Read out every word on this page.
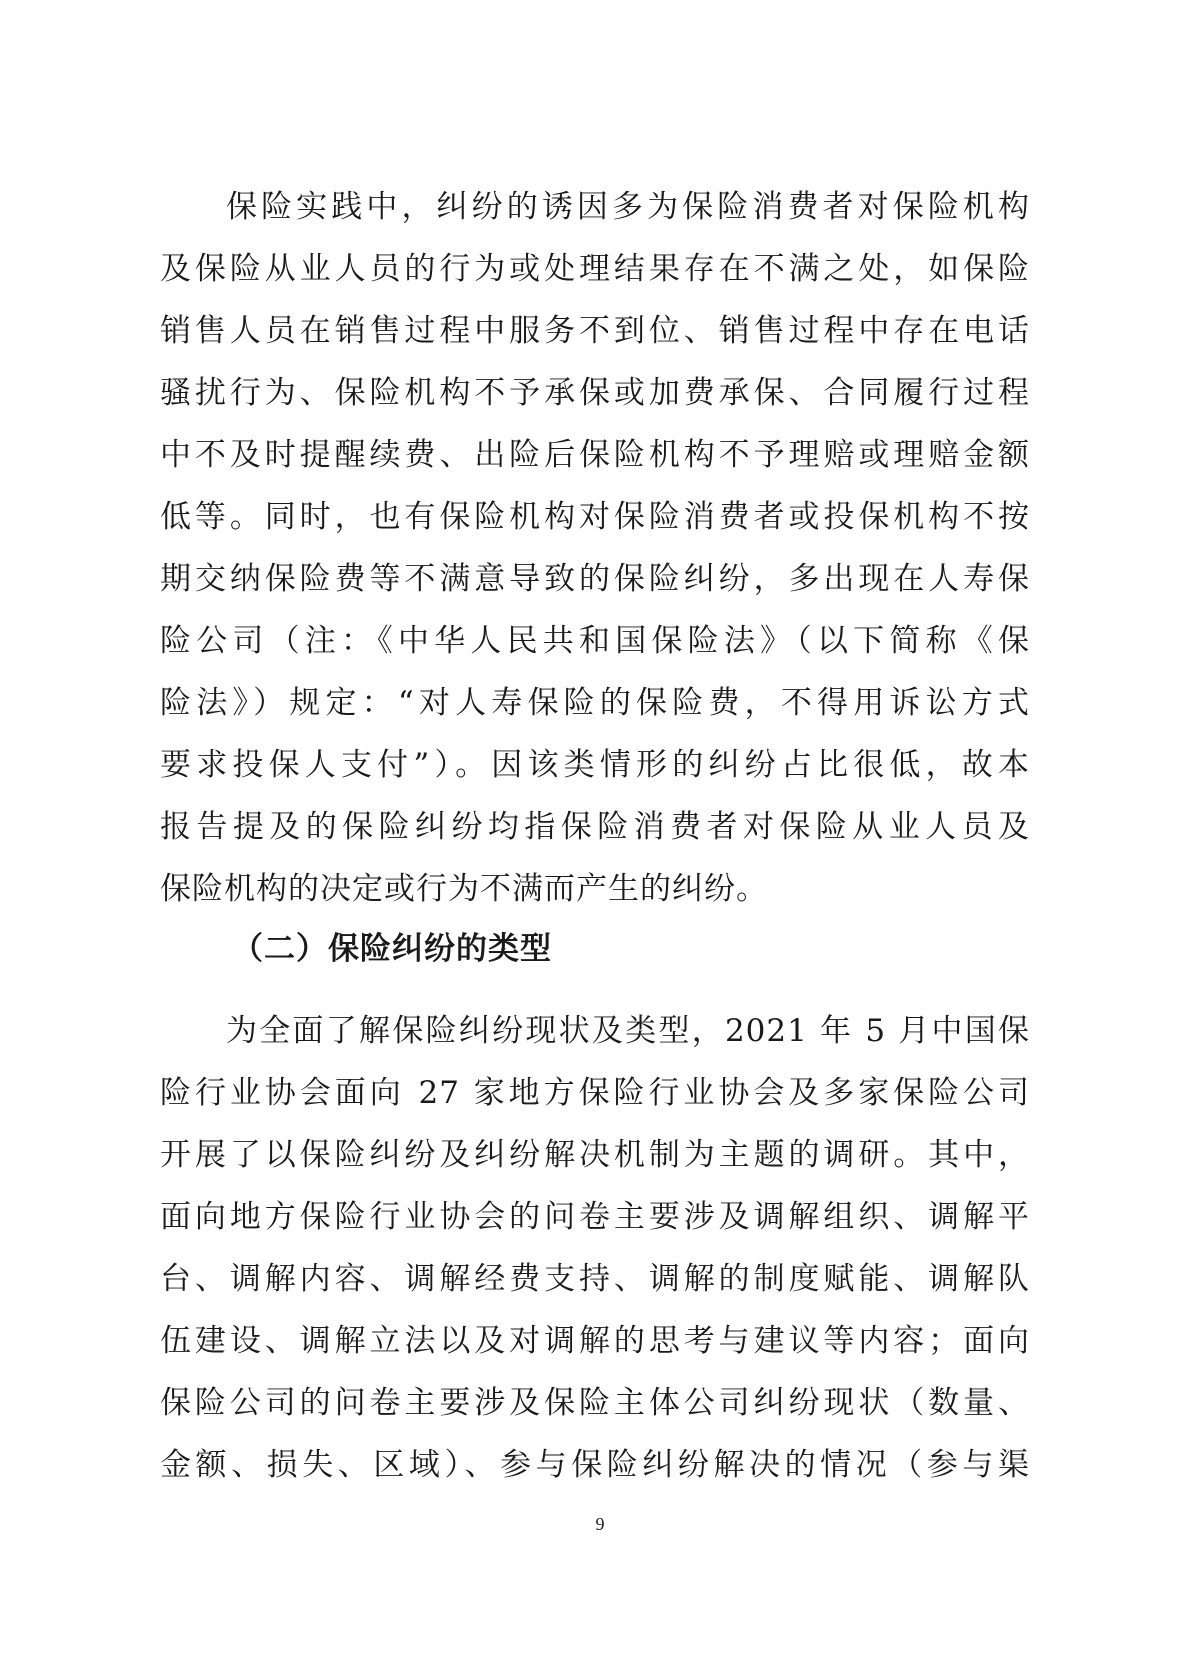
保险实践中，纠纷的诱因多为保险消费者对保险机构
及保险从业人员的行为或处理结果存在不满之处，如保险
销售人员在销售过程中服务不到位、销售过程中存在电话
骚扰行为、保险机构不予承保或加费承保、合同履行过程
中不及时提醒续费、出险后保险机构不予理赔或理赔金额
低等。同时，也有保险机构对保险消费者或投保机构不按
期交纳保险费等不满意导致的保险纠纷，多出现在人寿保
险公司（注：《中华人民共和国保险法》（以下简称《保
险法》）规定：“对人寿保险的保险费，不得用诉讼方式
要求投保人支付”）。因该类情形的纠纷占比很低，故本
报告提及的保险纠纷均指保险消费者对保险从业人员及
保险机构的决定或行为不满而产生的纠纷。
（二）保险纠纷的类型
为全面了解保险纠纷现状及类型，2021 年 5 月中国保
险行业协会面向 27 家地方保险行业协会及多家保险公司
开展了以保险纠纷及纠纷解决机制为主题的调研。其中，
面向地方保险行业协会的问卷主要涉及调解组织、调解平
台、调解内容、调解经费支持、调解的制度赋能、调解队
伍建设、调解立法以及对调解的思考与建议等内容；面向
保险公司的问卷主要涉及保险主体公司纠纷现状（数量、
金额、损失、区域）、参与保险纠纷解决的情况（参与渠
9
